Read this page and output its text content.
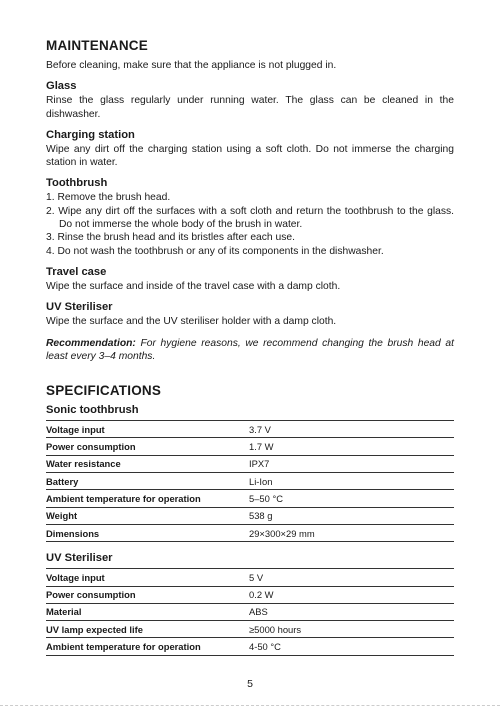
MAINTENANCE

Before cleaning, make sure that the appliance is not plugged in.

Glass

Rinse the glass regularly under running water. The glass can be cleaned in the dishwasher.

Charging station

Wipe any dirt off the charging station using a soft cloth. Do not immerse the charging station in water.

Toothbrush
1. Remove the brush head.
2. Wipe any dirt off the surfaces with a soft cloth and return the toothbrush to the glass. Do not immerse the whole body of the brush in water.
3. Rinse the brush head and its bristles after each use.
4. Do not wash the toothbrush or any of its components in the dishwasher.
Travel case

Wipe the surface and inside of the travel case with a damp cloth.

UV Steriliser

Wipe the surface and the UV steriliser holder with a damp cloth.

Recommendation: For hygiene reasons, we recommend changing the brush head at least every 3–4 months.

SPECIFICATIONS
Sonic toothbrush
Voltage input	3.7 V
Power consumption	1.7 W
Water resistance	IPX7
Battery	Li-Ion
Ambient temperature for operation	5–50 °C
Weight	538 g
Dimensions	29×300×29 mm
UV Steriliser
Voltage input	5 V
Power consumption	0.2 W
Material	ABS
UV lamp expected life	≥5000 hours
Ambient temperature for operation	4-50 °C
5
